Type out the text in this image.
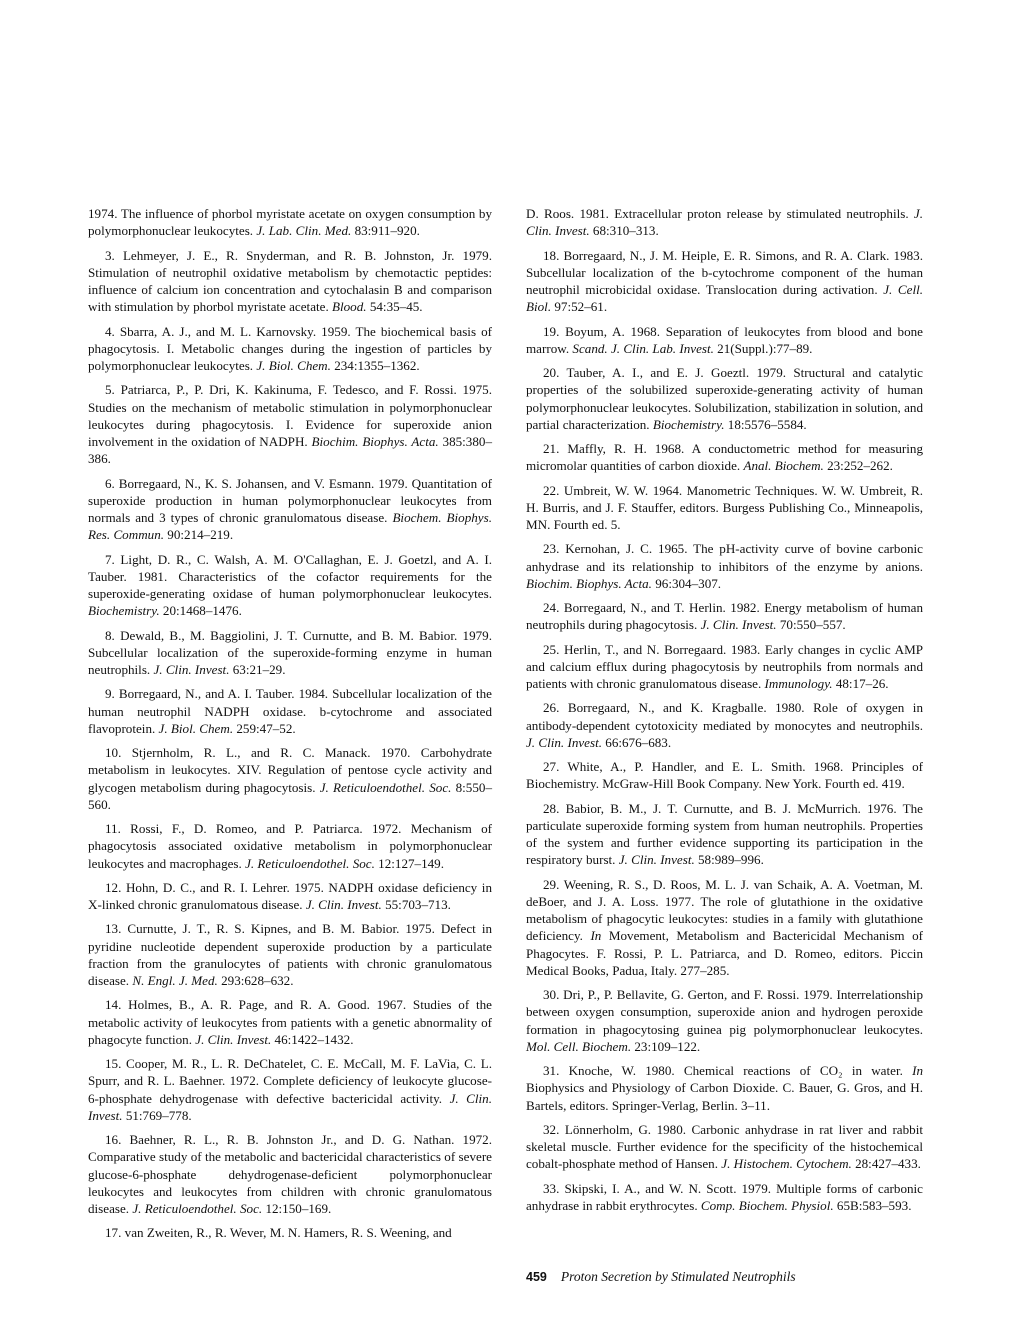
1974. The influence of phorbol myristate acetate on oxygen consumption by polymorphonuclear leukocytes. J. Lab. Clin. Med. 83:911–920.

3. Lehmeyer, J. E., R. Snyderman, and R. B. Johnston, Jr. 1979. Stimulation of neutrophil oxidative metabolism by chemotactic peptides: influence of calcium ion concentration and cytochalasin B and comparison with stimulation by phorbol myristate acetate. Blood. 54:35–45.

4. Sbarra, A. J., and M. L. Karnovsky. 1959. The biochemical basis of phagocytosis. I. Metabolic changes during the ingestion of particles by polymorphonuclear leukocytes. J. Biol. Chem. 234:1355–1362.

5. Patriarca, P., P. Dri, K. Kakinuma, F. Tedesco, and F. Rossi. 1975. Studies on the mechanism of metabolic stimulation in polymorphonuclear leukocytes during phagocytosis. I. Evidence for superoxide anion involvement in the oxidation of NADPH. Biochim. Biophys. Acta. 385:380–386.

6. Borregaard, N., K. S. Johansen, and V. Esmann. 1979. Quantitation of superoxide production in human polymorphonuclear leukocytes from normals and 3 types of chronic granulomatous disease. Biochem. Biophys. Res. Commun. 90:214–219.

7. Light, D. R., C. Walsh, A. M. O'Callaghan, E. J. Goetzl, and A. I. Tauber. 1981. Characteristics of the cofactor requirements for the superoxide-generating oxidase of human polymorphonuclear leukocytes. Biochemistry. 20:1468–1476.

8. Dewald, B., M. Baggiolini, J. T. Curnutte, and B. M. Babior. 1979. Subcellular localization of the superoxide-forming enzyme in human neutrophils. J. Clin. Invest. 63:21–29.

9. Borregaard, N., and A. I. Tauber. 1984. Subcellular localization of the human neutrophil NADPH oxidase. b-cytochrome and associated flavoprotein. J. Biol. Chem. 259:47–52.

10. Stjernholm, R. L., and R. C. Manack. 1970. Carbohydrate metabolism in leukocytes. XIV. Regulation of pentose cycle activity and glycogen metabolism during phagocytosis. J. Reticuloendothel. Soc. 8:550–560.

11. Rossi, F., D. Romeo, and P. Patriarca. 1972. Mechanism of phagocytosis associated oxidative metabolism in polymorphonuclear leukocytes and macrophages. J. Reticuloendothel. Soc. 12:127–149.

12. Hohn, D. C., and R. I. Lehrer. 1975. NADPH oxidase deficiency in X-linked chronic granulomatous disease. J. Clin. Invest. 55:703–713.

13. Curnutte, J. T., R. S. Kipnes, and B. M. Babior. 1975. Defect in pyridine nucleotide dependent superoxide production by a particulate fraction from the granulocytes of patients with chronic granulomatous disease. N. Engl. J. Med. 293:628–632.

14. Holmes, B., A. R. Page, and R. A. Good. 1967. Studies of the metabolic activity of leukocytes from patients with a genetic abnormality of phagocyte function. J. Clin. Invest. 46:1422–1432.

15. Cooper, M. R., L. R. DeChatelet, C. E. McCall, M. F. LaVia, C. L. Spurr, and R. L. Baehner. 1972. Complete deficiency of leukocyte glucose-6-phosphate dehydrogenase with defective bactericidal activity. J. Clin. Invest. 51:769–778.

16. Baehner, R. L., R. B. Johnston Jr., and D. G. Nathan. 1972. Comparative study of the metabolic and bactericidal characteristics of severe glucose-6-phosphate dehydrogenase-deficient polymorphonuclear leukocytes and leukocytes from children with chronic granulomatous disease. J. Reticuloendothel. Soc. 12:150–169.

17. van Zweiten, R., R. Wever, M. N. Hamers, R. S. Weening, and

D. Roos. 1981. Extracellular proton release by stimulated neutrophils. J. Clin. Invest. 68:310–313.

18. Borregaard, N., J. M. Heiple, E. R. Simons, and R. A. Clark. 1983. Subcellular localization of the b-cytochrome component of the human neutrophil microbicidal oxidase. Translocation during activation. J. Cell. Biol. 97:52–61.

19. Boyum, A. 1968. Separation of leukocytes from blood and bone marrow. Scand. J. Clin. Lab. Invest. 21(Suppl.):77–89.

20. Tauber, A. I., and E. J. Goeztl. 1979. Structural and catalytic properties of the solubilized superoxide-generating activity of human polymorphonuclear leukocytes. Solubilization, stabilization in solution, and partial characterization. Biochemistry. 18:5576–5584.

21. Maffly, R. H. 1968. A conductometric method for measuring micromolar quantities of carbon dioxide. Anal. Biochem. 23:252–262.

22. Umbreit, W. W. 1964. Manometric Techniques. W. W. Umbreit, R. H. Burris, and J. F. Stauffer, editors. Burgess Publishing Co., Minneapolis, MN. Fourth ed. 5.

23. Kernohan, J. C. 1965. The pH-activity curve of bovine carbonic anhydrase and its relationship to inhibitors of the enzyme by anions. Biochim. Biophys. Acta. 96:304–307.

24. Borregaard, N., and T. Herlin. 1982. Energy metabolism of human neutrophils during phagocytosis. J. Clin. Invest. 70:550–557.

25. Herlin, T., and N. Borregaard. 1983. Early changes in cyclic AMP and calcium efflux during phagocytosis by neutrophils from normals and patients with chronic granulomatous disease. Immunology. 48:17–26.

26. Borregaard, N., and K. Kragballe. 1980. Role of oxygen in antibody-dependent cytotoxicity mediated by monocytes and neutrophils. J. Clin. Invest. 66:676–683.

27. White, A., P. Handler, and E. L. Smith. 1968. Principles of Biochemistry. McGraw-Hill Book Company. New York. Fourth ed. 419.

28. Babior, B. M., J. T. Curnutte, and B. J. McMurrich. 1976. The particulate superoxide forming system from human neutrophils. Properties of the system and further evidence supporting its participation in the respiratory burst. J. Clin. Invest. 58:989–996.

29. Weening, R. S., D. Roos, M. L. J. van Schaik, A. A. Voetman, M. deBoer, and J. A. Loss. 1977. The role of glutathione in the oxidative metabolism of phagocytic leukocytes: studies in a family with glutathione deficiency. In Movement, Metabolism and Bactericidal Mechanism of Phagocytes. F. Rossi, P. L. Patriarca, and D. Romeo, editors. Piccin Medical Books, Padua, Italy. 277–285.

30. Dri, P., P. Bellavite, G. Gerton, and F. Rossi. 1979. Interrelationship between oxygen consumption, superoxide anion and hydrogen peroxide formation in phagocytosing guinea pig polymorphonuclear leukocytes. Mol. Cell. Biochem. 23:109–122.

31. Knoche, W. 1980. Chemical reactions of CO₂ in water. In Biophysics and Physiology of Carbon Dioxide. C. Bauer, G. Gros, and H. Bartels, editors. Springer-Verlag, Berlin. 3–11.

32. Lönnerholm, G. 1980. Carbonic anhydrase in rat liver and rabbit skeletal muscle. Further evidence for the specificity of the histochemical cobalt-phosphate method of Hansen. J. Histochem. Cytochem. 28:427–433.

33. Skipski, I. A., and W. N. Scott. 1979. Multiple forms of carbonic anhydrase in rabbit erythrocytes. Comp. Biochem. Physiol. 65B:583–593.

459 Proton Secretion by Stimulated Neutrophils
